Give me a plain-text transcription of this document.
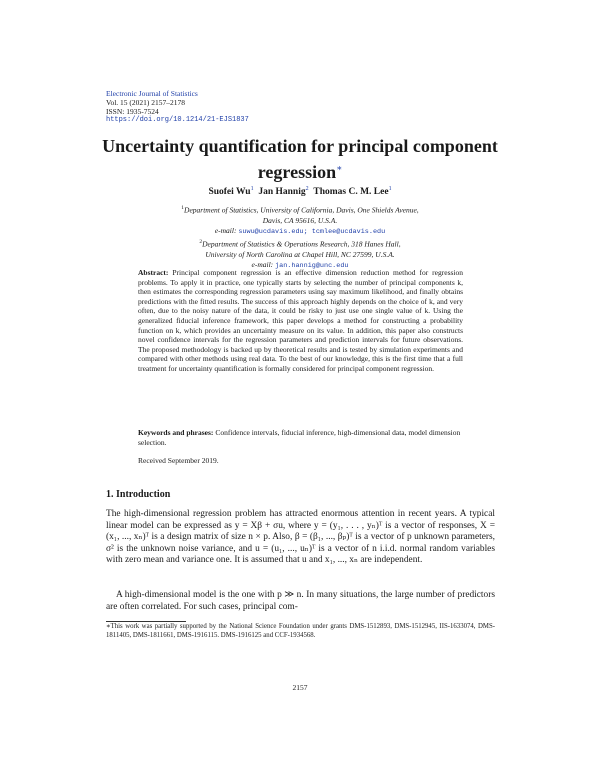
Electronic Journal of Statistics
Vol. 15 (2021) 2157–2178
ISSN: 1935-7524
https://doi.org/10.1214/21-EJS1837
Uncertainty quantification for principal component regression∗
Suofei Wu$^1$ Jan Hannig$^2$ Thomas C. M. Lee$^1$
$^1$Department of Statistics, University of California, Davis, One Shields Avenue,
Davis, CA 95616, U.S.A.
e-mail: suwu@ucdavis.edu; tcmlee@ucdavis.edu
$^2$Department of Statistics & Operations Research, 318 Hanes Hall,
University of North Carolina at Chapel Hill, NC 27599, U.S.A.
e-mail: jan.hannig@unc.edu
Abstract: Principal component regression is an effective dimension reduction method for regression problems. To apply it in practice, one typically starts by selecting the number of principal components k, then estimates the corresponding regression parameters using say maximum likelihood, and finally obtains predictions with the fitted results. The success of this approach highly depends on the choice of k, and very often, due to the noisy nature of the data, it could be risky to just use one single value of k. Using the generalized fiducial inference framework, this paper develops a method for constructing a probability function on k, which provides an uncertainty measure on its value. In addition, this paper also constructs novel confidence intervals for the regression parameters and prediction intervals for future observations. The proposed methodology is backed up by theoretical results and is tested by simulation experiments and compared with other methods using real data. To the best of our knowledge, this is the first time that a full treatment for uncertainty quantification is formally considered for principal component regression.
Keywords and phrases: Confidence intervals, fiducial inference, high-dimensional data, model dimension selection.
Received September 2019.
1. Introduction
The high-dimensional regression problem has attracted enormous attention in recent years. A typical linear model can be expressed as y = Xβ + σu, where y = (y₁, . . . , yₙ)ᵀ is a vector of responses, X = (x₁, ..., xₙ)ᵀ is a design matrix of size n × p. Also, β = (β₁, ..., βₚ)ᵀ is a vector of p unknown parameters, σ² is the unknown noise variance, and u = (u₁, ..., uₙ)ᵀ is a vector of n i.i.d. normal random variables with zero mean and variance one. It is assumed that u and x₁, ..., xₙ are independent.
A high-dimensional model is the one with p ≫ n. In many situations, the large number of predictors are often correlated. For such cases, principal com-
∗This work was partially supported by the National Science Foundation under grants DMS-1512893, DMS-1512945, IIS-1633074, DMS-1811405, DMS-1811661, DMS-1916115. DMS-1916125 and CCF-1934568.
2157
